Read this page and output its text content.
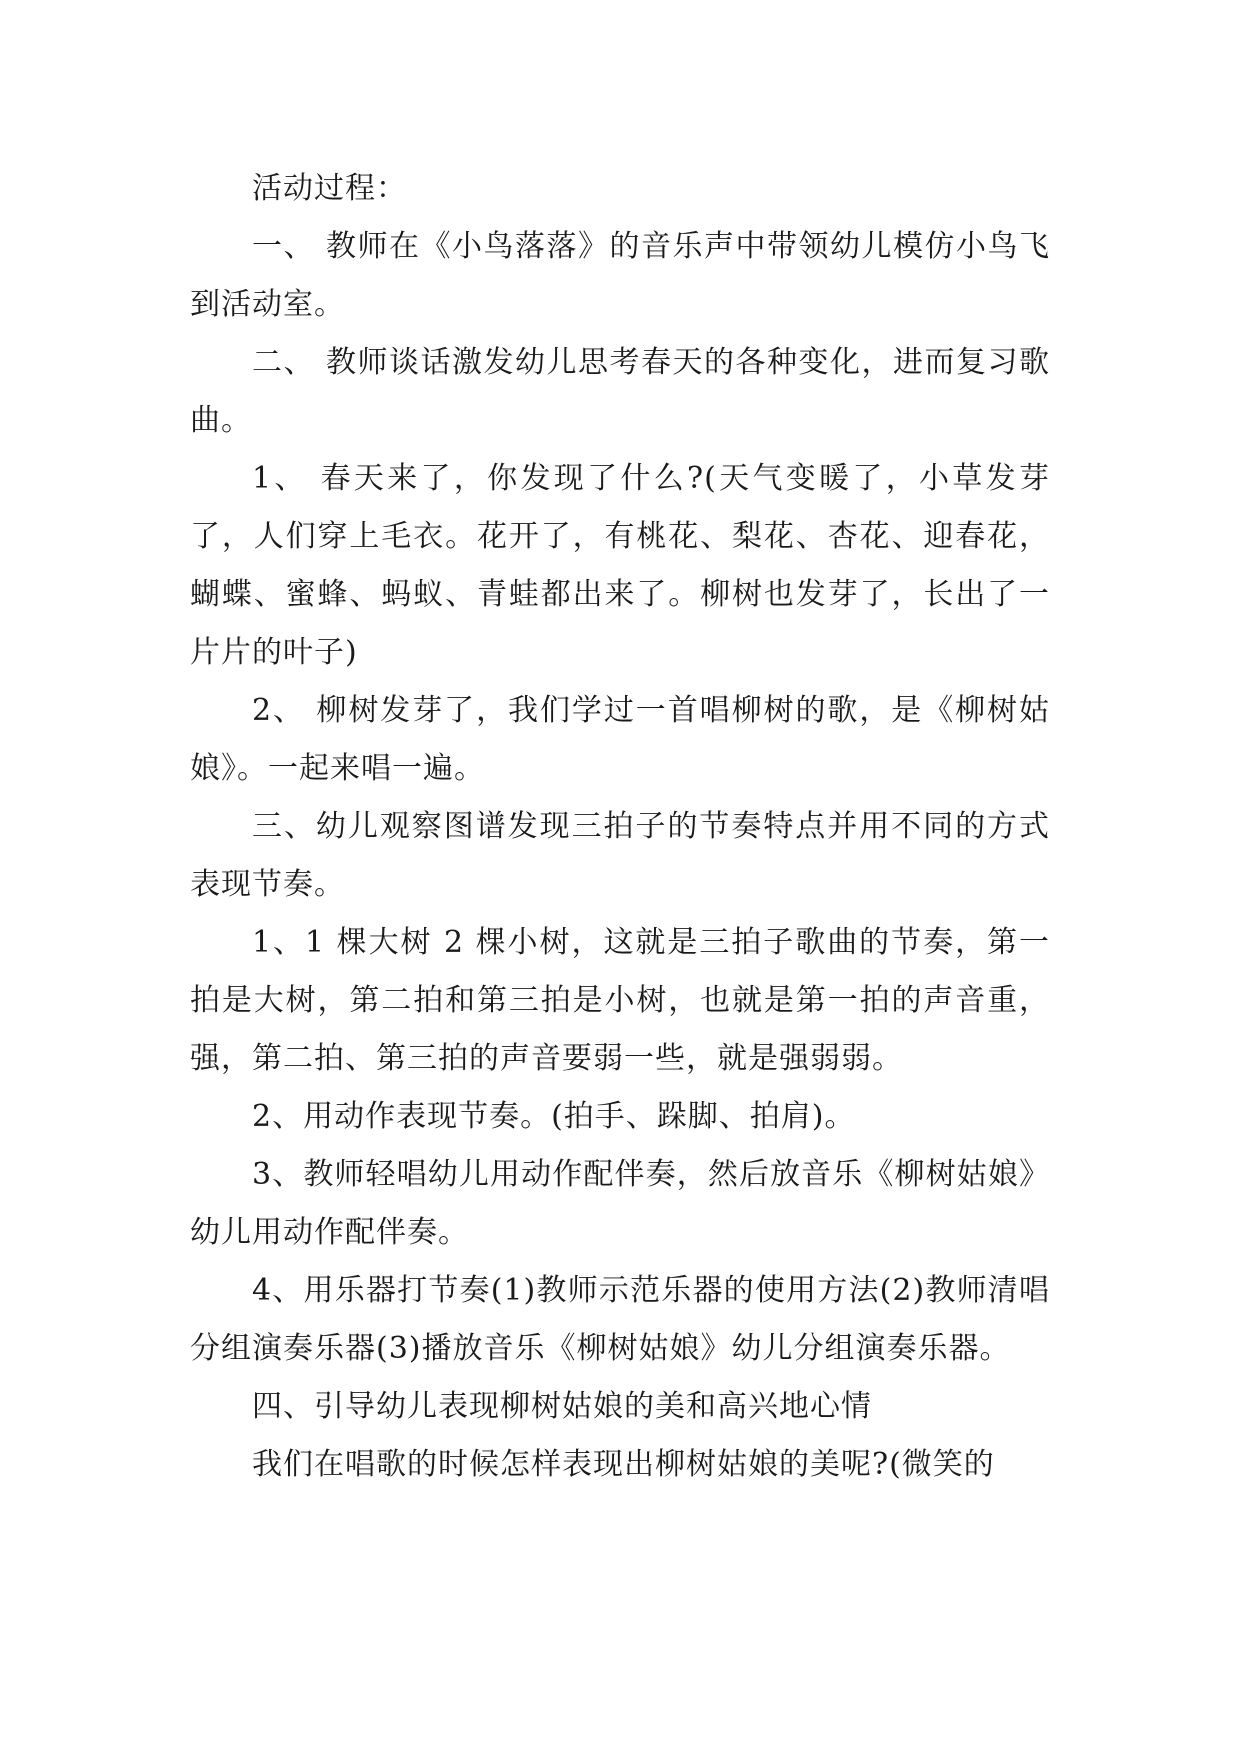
活动过程：

一、 教师在《小鸟落落》的音乐声中带领幼儿模仿小鸟飞到活动室。

二、 教师谈话激发幼儿思考春天的各种变化，进而复习歌曲。

1、 春天来了，你发现了什么?(天气变暖了，小草发芽了，人们穿上毛衣。花开了，有桃花、梨花、杏花、迎春花，蝴蝶、蜜蜂、蚂蚁、青蛙都出来了。柳树也发芽了，长出了一片片的叶子)

2、 柳树发芽了，我们学过一首唱柳树的歌，是《柳树姑娘》。一起来唱一遍。

三、幼儿观察图谱发现三拍子的节奏特点并用不同的方式表现节奏。

1、1 棵大树 2 棵小树，这就是三拍子歌曲的节奏，第一拍是大树，第二拍和第三拍是小树，也就是第一拍的声音重，强，第二拍、第三拍的声音要弱一些，就是强弱弱。

2、用动作表现节奏。(拍手、跺脚、拍肩)。

3、教师轻唱幼儿用动作配伴奏，然后放音乐《柳树姑娘》幼儿用动作配伴奏。

4、用乐器打节奏(1)教师示范乐器的使用方法(2)教师清唱分组演奏乐器(3)播放音乐《柳树姑娘》幼儿分组演奏乐器。

四、引导幼儿表现柳树姑娘的美和高兴地心情

我们在唱歌的时候怎样表现出柳树姑娘的美呢?(微笑的
